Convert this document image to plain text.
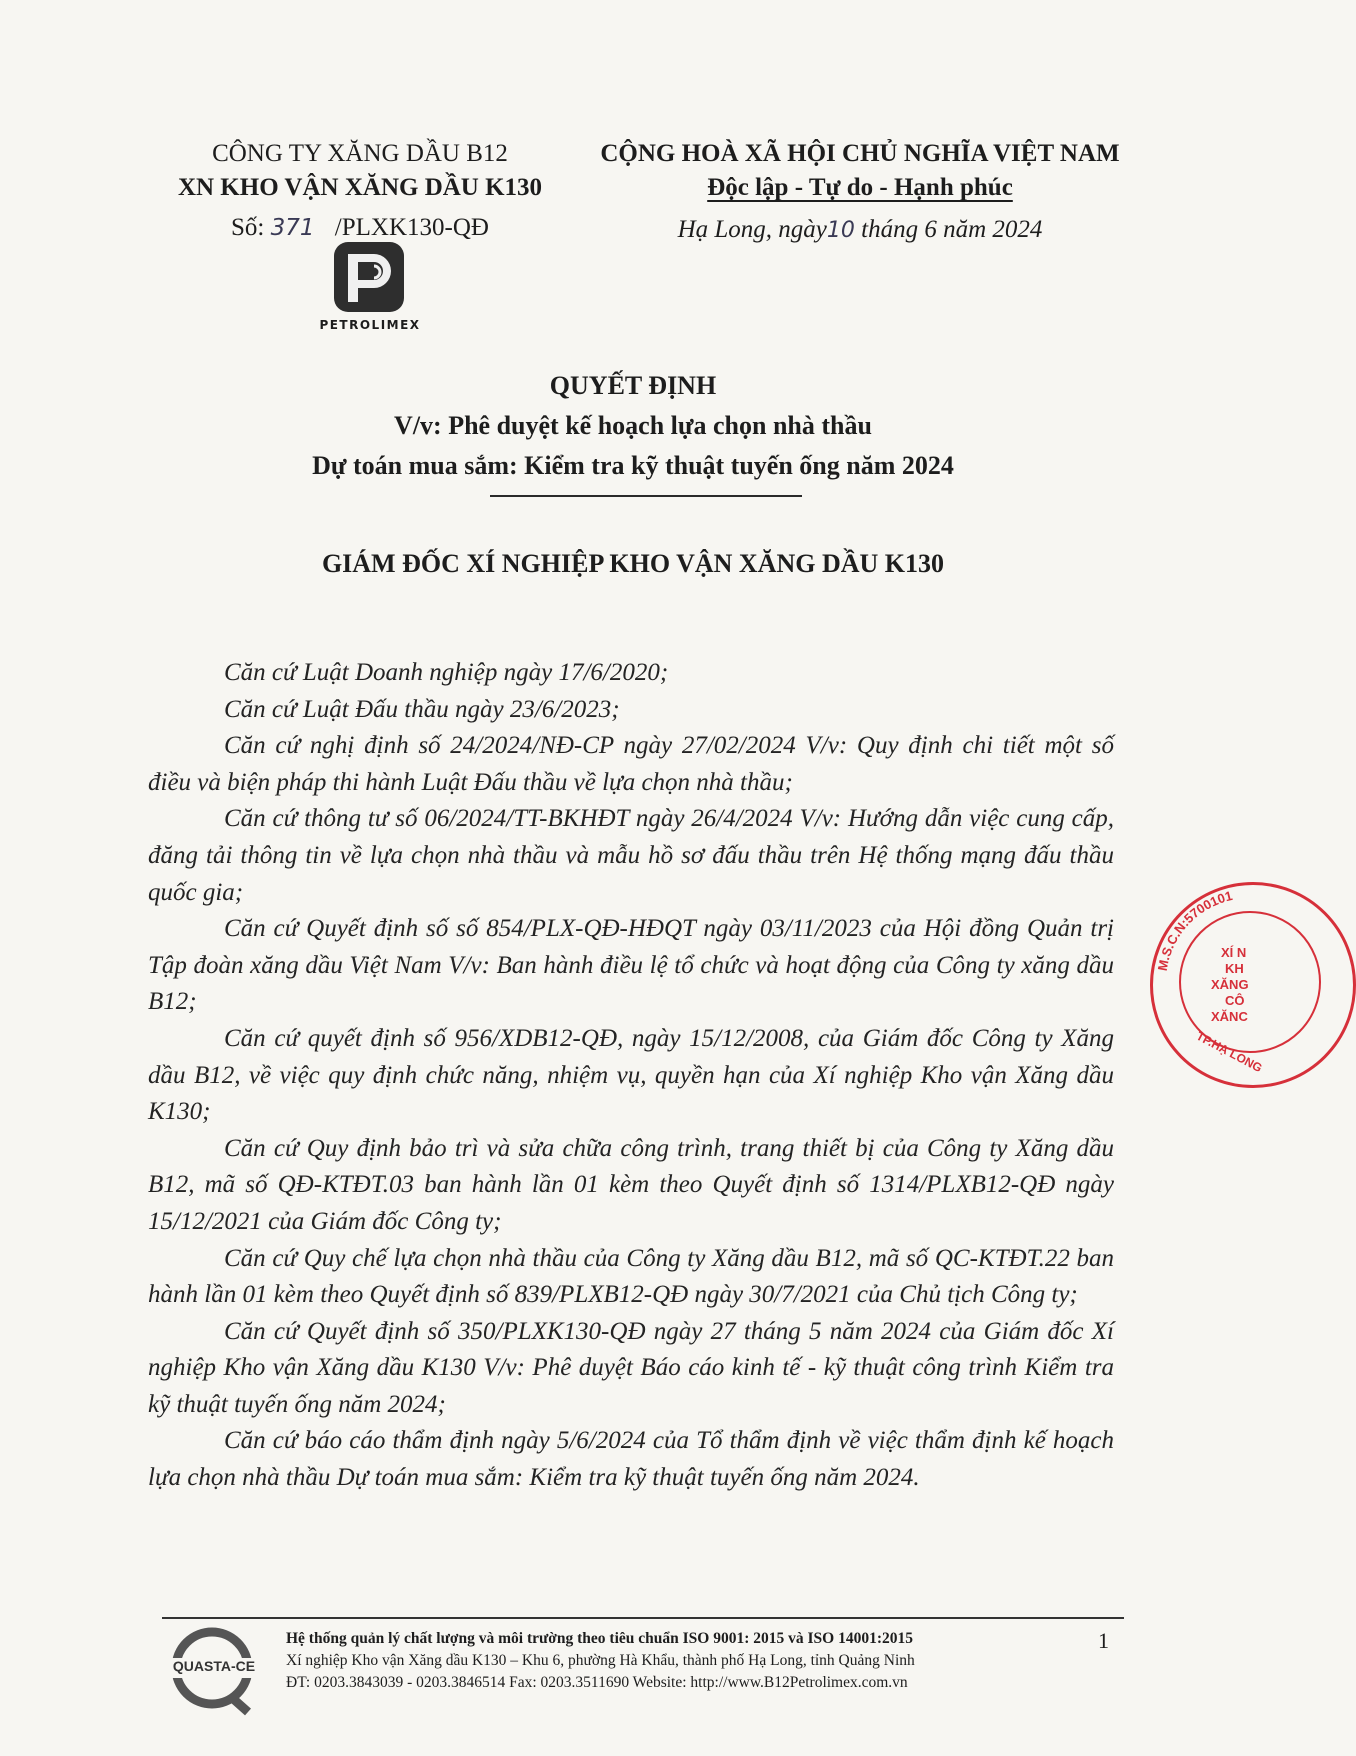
CÔNG TY XĂNG DẦU B12
XN KHO VẬN XĂNG DẦU K130
Số: 371 /PLXK130-QĐ
PETROLIMEX
CỘNG HOÀ XÃ HỘI CHỦ NGHĨA VIỆT NAM
Độc lập - Tự do - Hạnh phúc
Hạ Long, ngày10 tháng 6 năm 2024
QUYẾT ĐỊNH
V/v: Phê duyệt kế hoạch lựa chọn nhà thầu
Dự toán mua sắm: Kiểm tra kỹ thuật tuyến ống năm 2024
GIÁM ĐỐC XÍ NGHIỆP KHO VẬN XĂNG DẦU K130

Căn cứ Luật Doanh nghiệp ngày 17/6/2020;

Căn cứ Luật Đấu thầu ngày 23/6/2023;

Căn cứ nghị định số 24/2024/NĐ-CP ngày 27/02/2024 V/v: Quy định chi tiết một số điều và biện pháp thi hành Luật Đấu thầu về lựa chọn nhà thầu;

Căn cứ thông tư số 06/2024/TT-BKHĐT ngày 26/4/2024 V/v: Hướng dẫn việc cung cấp, đăng tải thông tin về lựa chọn nhà thầu và mẫu hồ sơ đấu thầu trên Hệ thống mạng đấu thầu quốc gia;

Căn cứ Quyết định số số 854/PLX-QĐ-HĐQT ngày 03/11/2023 của Hội đồng Quản trị Tập đoàn xăng dầu Việt Nam V/v: Ban hành điều lệ tổ chức và hoạt động của Công ty xăng dầu B12;

Căn cứ quyết định số 956/XDB12-QĐ, ngày 15/12/2008, của Giám đốc Công ty Xăng dầu B12, về việc quy định chức năng, nhiệm vụ, quyền hạn của Xí nghiệp Kho vận Xăng dầu K130;

Căn cứ Quy định bảo trì và sửa chữa công trình, trang thiết bị của Công ty Xăng dầu B12, mã số QĐ-KTĐT.03 ban hành lần 01 kèm theo Quyết định số 1314/PLXB12-QĐ ngày 15/12/2021 của Giám đốc Công ty;

Căn cứ Quy chế lựa chọn nhà thầu của Công ty Xăng dầu B12, mã số QC-KTĐT.22 ban hành lần 01 kèm theo Quyết định số 839/PLXB12-QĐ ngày 30/7/2021 của Chủ tịch Công ty;

Căn cứ Quyết định số 350/PLXK130-QĐ ngày 27 tháng 5 năm 2024 của Giám đốc Xí nghiệp Kho vận Xăng dầu K130 V/v: Phê duyệt Báo cáo kinh tế - kỹ thuật công trình Kiểm tra kỹ thuật tuyến ống năm 2024;

Căn cứ báo cáo thẩm định ngày 5/6/2024 của Tổ thẩm định về việc thẩm định kế hoạch lựa chọn nhà thầu Dự toán mua sắm: Kiểm tra kỹ thuật tuyến ống năm 2024.

M.S.C.N:5700101
XÍ N
KH
XĂNG
CÔ
XĂNC
TP.HẠ LONG
QUASTA-CE
Hệ thống quản lý chất lượng và môi trường theo tiêu chuẩn ISO 9001: 2015 và ISO 14001:2015
Xí nghiệp Kho vận Xăng dầu K130 – Khu 6, phường Hà Khẩu, thành phố Hạ Long, tỉnh Quảng Ninh
ĐT: 0203.3843039 - 0203.3846514 Fax: 0203.3511690 Website: http://www.B12Petrolimex.com.vn
1
